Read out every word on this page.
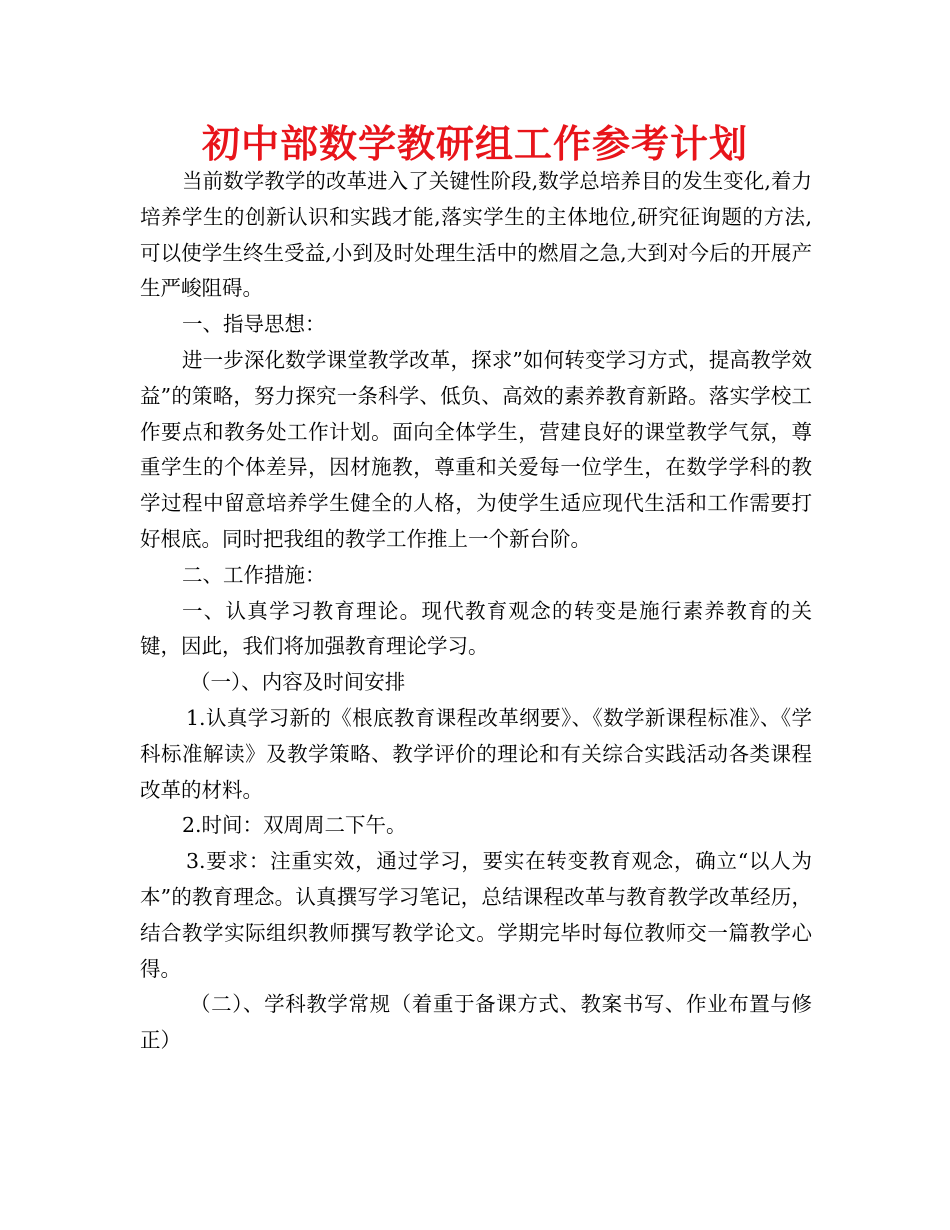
初中部数学教研组工作参考计划

当前数学教学的改革进入了关键性阶段,数学总培养目的发生变化,着力培养学生的创新认识和实践才能,落实学生的主体地位,研究征询题的方法,可以使学生终生受益,小到及时处理生活中的燃眉之急,大到对今后的开展产生严峻阻碍。

一、指导思想：

进一步深化数学课堂教学改革，探求”如何转变学习方式，提高教学效益”的策略，努力探究一条科学、低负、高效的素养教育新路。落实学校工作要点和教务处工作计划。面向全体学生，营建良好的课堂教学气氛，尊重学生的个体差异，因材施教，尊重和关爱每一位学生，在数学学科的教学过程中留意培养学生健全的人格，为使学生适应现代生活和工作需要打好根底。同时把我组的教学工作推上一个新台阶。

二、工作措施：

一、认真学习教育理论。现代教育观念的转变是施行素养教育的关键，因此，我们将加强教育理论学习。

（一）、内容及时间安排

1.认真学习新的《根底教育课程改革纲要》、《数学新课程标准》、《学科标准解读》及教学策略、教学评价的理论和有关综合实践活动各类课程改革的材料。

2.时间：双周周二下午。

3.要求：注重实效，通过学习，要实在转变教育观念，确立“以人为本”的教育理念。认真撰写学习笔记，总结课程改革与教育教学改革经历，结合教学实际组织教师撰写教学论文。学期完毕时每位教师交一篇教学心得。

（二）、学科教学常规（着重于备课方式、教案书写、作业布置与修正）
